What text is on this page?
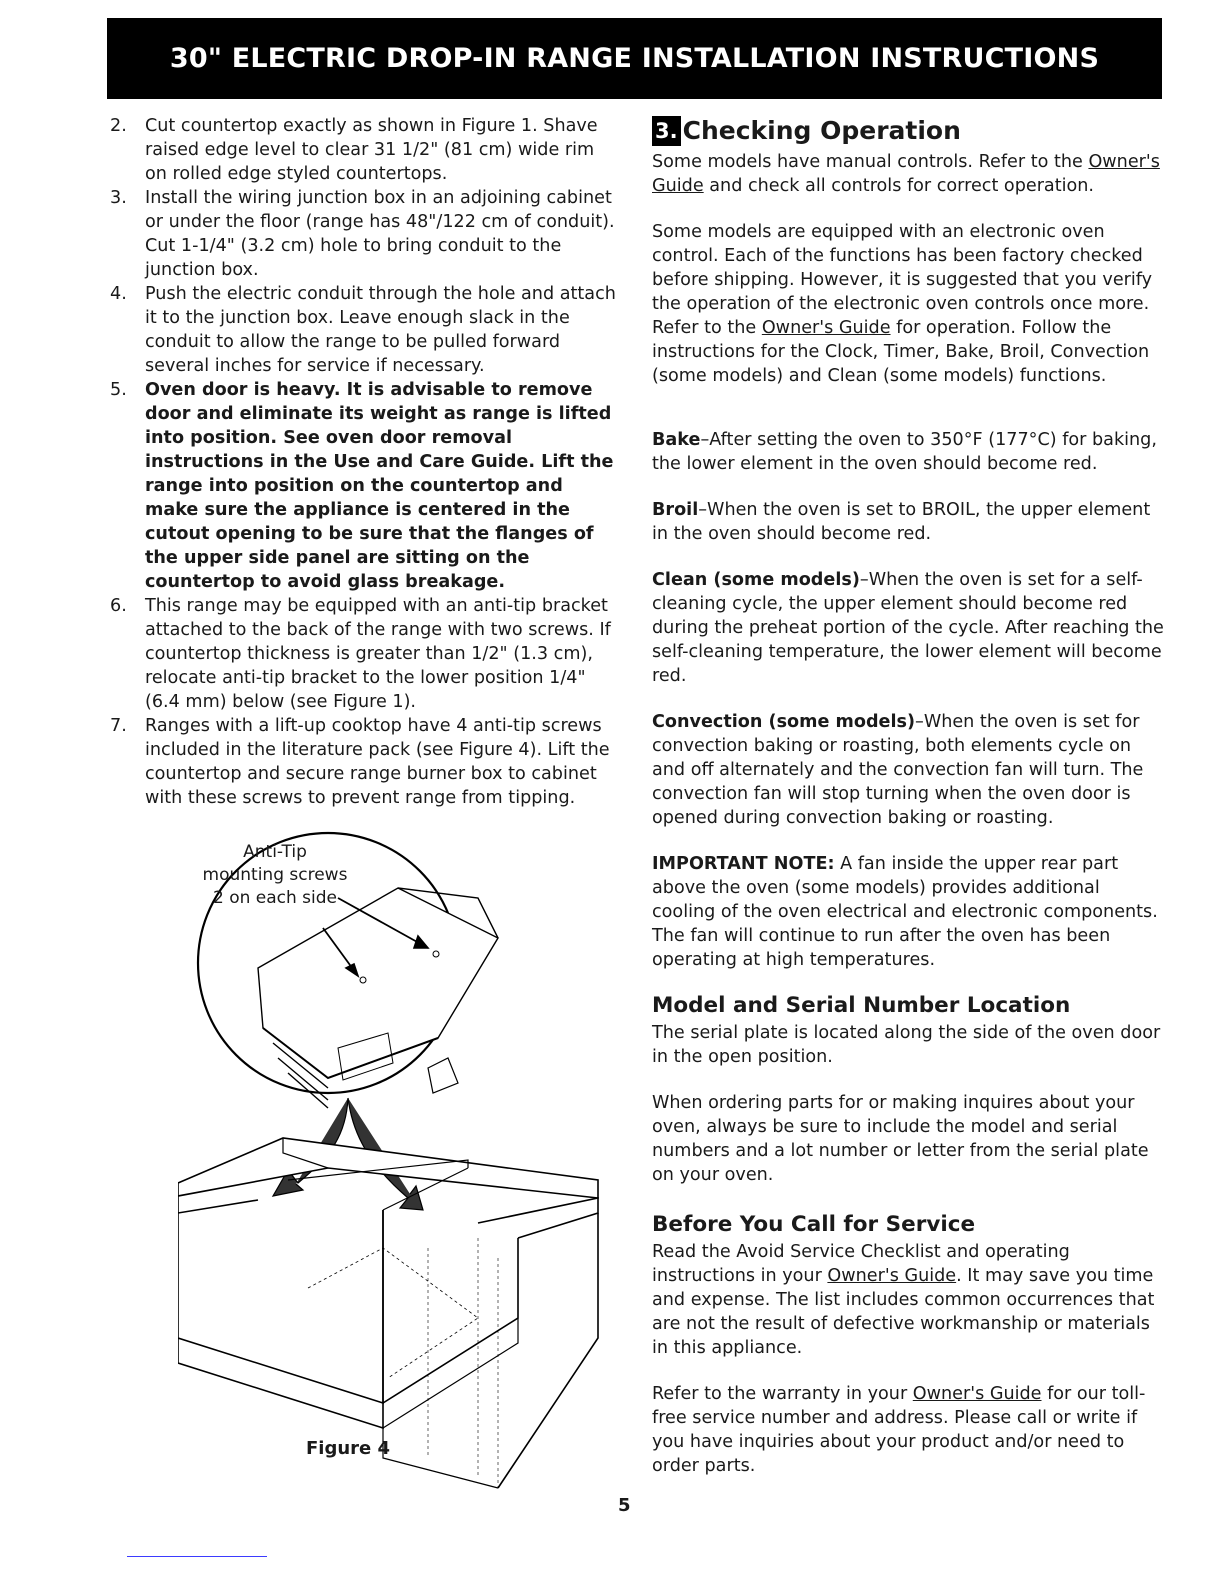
30" ELECTRIC DROP-IN RANGE INSTALLATION INSTRUCTIONS
2. Cut countertop exactly as shown in Figure 1. Shave raised edge level to clear 31 1/2" (81 cm) wide rim on rolled edge styled countertops.
3. Install the wiring junction box in an adjoining cabinet or under the floor (range has 48"/122 cm of conduit). Cut 1-1/4" (3.2 cm) hole to bring conduit to the junction box.
4. Push the electric conduit through the hole and attach it to the junction box. Leave enough slack in the conduit to allow the range to be pulled forward several inches for service if necessary.
5. Oven door is heavy. It is advisable to remove door and eliminate its weight as range is lifted into position. See oven door removal instructions in the Use and Care Guide. Lift the range into position on the countertop and make sure the appliance is centered in the cutout opening to be sure that the flanges of the upper side panel are sitting on the countertop to avoid glass breakage.
6. This range may be equipped with an anti-tip bracket attached to the back of the range with two screws. If countertop thickness is greater than 1/2" (1.3 cm), relocate anti-tip bracket to the lower position 1/4" (6.4 mm) below (see Figure 1).
7. Ranges with a lift-up cooktop have 4 anti-tip screws included in the literature pack (see Figure 4). Lift the countertop and secure range burner box to cabinet with these screws to prevent range from tipping.
Anti-Tip
mounting screws
2 on each side
Figure 4
3. Checking Operation

Some models have manual controls. Refer to the Owner's Guide and check all controls for correct operation.

Some models are equipped with an electronic oven control. Each of the functions has been factory checked before shipping. However, it is suggested that you verify the operation of the electronic oven controls once more. Refer to the Owner's Guide for operation. Follow the instructions for the Clock, Timer, Bake, Broil, Convection (some models) and Clean (some models) functions.

Bake–After setting the oven to 350°F (177°C) for baking, the lower element in the oven should become red.

Broil–When the oven is set to BROIL, the upper element in the oven should become red.

Clean (some models)–When the oven is set for a self-cleaning cycle, the upper element should become red during the preheat portion of the cycle. After reaching the self-cleaning temperature, the lower element will become red.

Convection (some models)–When the oven is set for convection baking or roasting, both elements cycle on and off alternately and the convection fan will turn. The convection fan will stop turning when the oven door is opened during convection baking or roasting.

IMPORTANT NOTE: A fan inside the upper rear part above the oven (some models) provides additional cooling of the oven electrical and electronic components. The fan will continue to run after the oven has been operating at high temperatures.

Model and Serial Number Location

The serial plate is located along the side of the oven door in the open position.

When ordering parts for or making inquires about your oven, always be sure to include the model and serial numbers and a lot number or letter from the serial plate on your oven.

Before You Call for Service

Read the Avoid Service Checklist and operating instructions in your Owner's Guide. It may save you time and expense. The list includes common occurrences that are not the result of defective workmanship or materials in this appliance.

Refer to the warranty in your Owner's Guide for our toll-free service number and address. Please call or write if you have inquiries about your product and/or need to order parts.

5
